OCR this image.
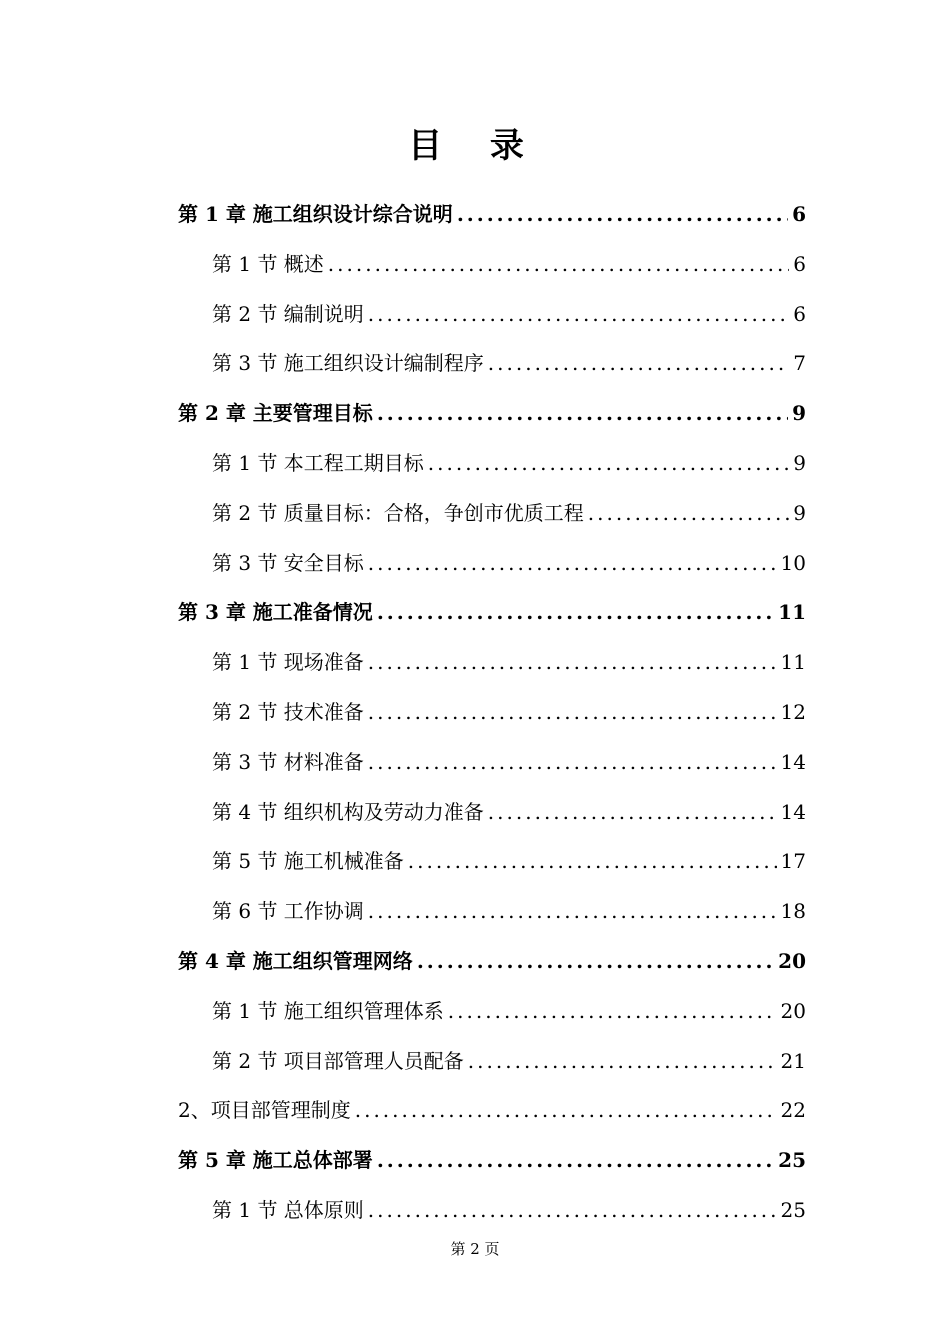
目 录
第 1 章 施工组织设计综合说明 .....	6
第 1 节 概述 .....	6
第 2 节 编制说明 .....	6
第 3 节 施工组织设计编制程序 .....	7
第 2 章 主要管理目标 .....	9
第 1 节 本工程工期目标 .....	9
第 2 节 质量目标：合格，争创市优质工程 .....	9
第 3 节 安全目标 .....	10
第 3 章 施工准备情况 .....	11
第 1 节 现场准备 .....	11
第 2 节 技术准备 .....	12
第 3 节 材料准备 .....	14
第 4 节 组织机构及劳动力准备 .....	14
第 5 节 施工机械准备 .....	17
第 6 节 工作协调 .....	18
第 4 章 施工组织管理网络 .....	20
第 1 节 施工组织管理体系 .....	20
第 2 节 项目部管理人员配备 .....	21
2、项目部管理制度 .....	22
第 5 章 施工总体部署 .....	25
第 1 节 总体原则 .....	25
第 2 页
